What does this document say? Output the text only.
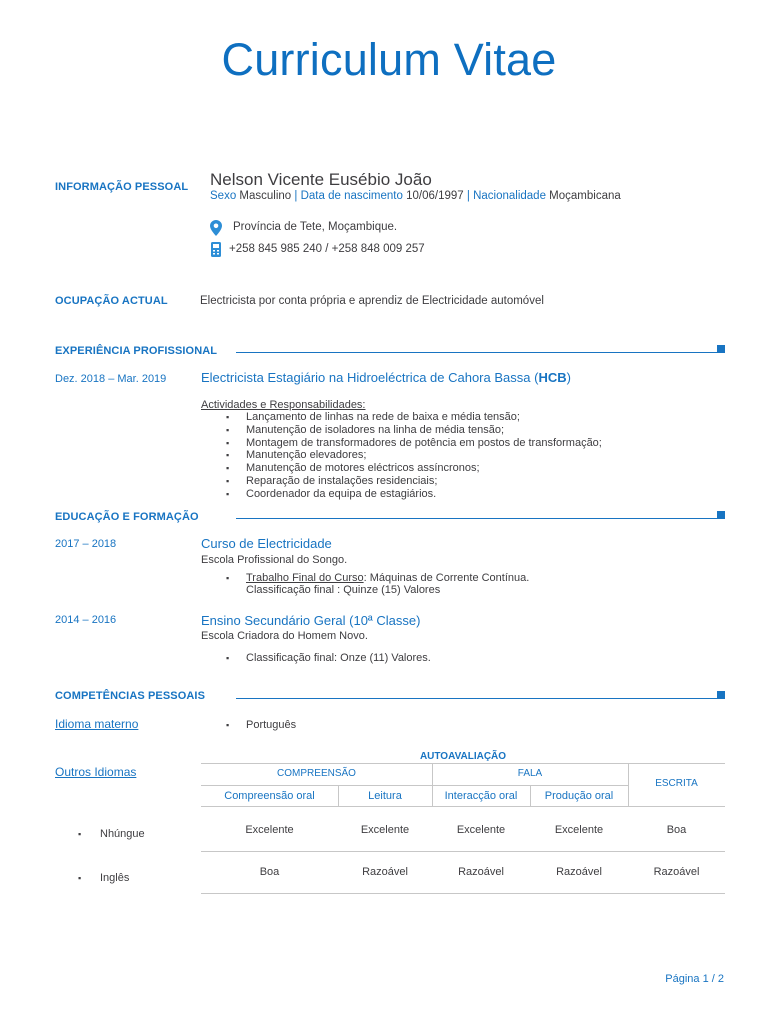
Curriculum Vitae
INFORMAÇÃO PESSOAL Nelson Vicente Eusébio João
Sexo Masculino | Data de nascimento 10/06/1997 | Nacionalidade Moçambicana
Província de Tete, Moçambique.
+258 845 985 240 / +258 848 009 257
OCUPAÇÃO ACTUAL	Electricista por conta própria e aprendiz de Electricidade automóvel
EXPERIÊNCIA PROFISSIONAL
Dez. 2018 – Mar. 2019	Electricista Estagiário na Hidroeléctrica de Cahora Bassa (HCB)
Actividades e Responsabilidades:
▪ Lançamento de linhas na rede de baixa e média tensão;
▪ Manutenção de isoladores na linha de média tensão;
▪ Montagem de transformadores de potência em postos de transformação;
▪ Manutenção elevadores;
▪ Manutenção de motores eléctricos assíncronos;
▪ Reparação de instalações residenciais;
▪ Coordenador da equipa de estagiários.
EDUCAÇÃO E FORMAÇÃO
2017 – 2018	Curso de Electricidade
Escola Profissional do Songo.
▪ Trabalho Final do Curso: Máquinas de Corrente Contínua.
Classificação final : Quinze (15) Valores
2014 – 2016	Ensino Secundário Geral (10ª Classe)
Escola Criadora do Homem Novo.
▪ Classificação final: Onze (11) Valores.
COMPETÊNCIAS PESSOAIS
Idioma materno	▪ Português
Outros Idiomas
AUTOAVALIAÇÃO
COMPREENSÃO	FALA
ESCRITA
Compreensão oral	Leitura	Interacção oral	Produção oral
▪ Nhúngue	Excelente	Excelente	Excelente	Excelente	Boa
▪ Inglês	Boa	Razoável	Razoável	Razoável	Razoável
Página 1 / 2
